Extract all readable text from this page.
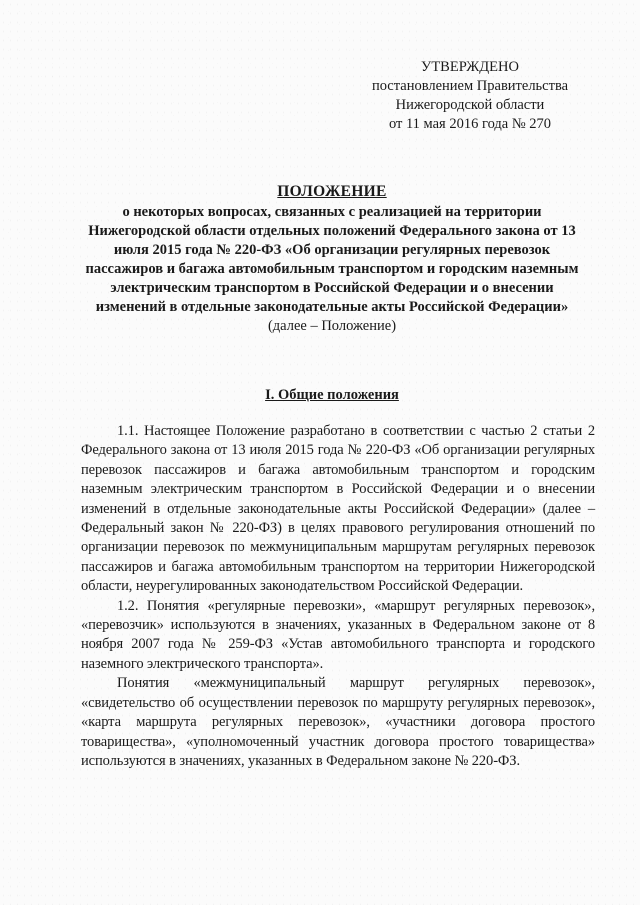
УТВЕРЖДЕНО
постановлением Правительства
Нижегородской области
от 11 мая 2016 года № 270
ПОЛОЖЕНИЕ
о некоторых вопросах, связанных с реализацией на территории Нижегородской области отдельных положений Федерального закона от 13 июля 2015 года № 220-ФЗ «Об организации регулярных перевозок пассажиров и багажа автомобильным транспортом и городским наземным электрическим транспортом в Российской Федерации и о внесении изменений в отдельные законодательные акты Российской Федерации»
(далее – Положение)
I. Общие положения

1.1. Настоящее Положение разработано в соответствии с частью 2 статьи 2 Федерального закона от 13 июля 2015 года № 220-ФЗ «Об организации регулярных перевозок пассажиров и багажа автомобильным транспортом и городским наземным электрическим транспортом в Российской Федерации и о внесении изменений в отдельные законодательные акты Российской Федерации» (далее – Федеральный закон № 220-ФЗ) в целях правового регулирования отношений по организации перевозок по межмуниципальным маршрутам регулярных перевозок пассажиров и багажа автомобильным транспортом на территории Нижегородской области, неурегулированных законодательством Российской Федерации.

1.2. Понятия «регулярные перевозки», «маршрут регулярных перевозок», «перевозчик» используются в значениях, указанных в Федеральном законе от 8 ноября 2007 года № 259-ФЗ «Устав автомобильного транспорта и городского наземного электрического транспорта».

Понятия «межмуниципальный маршрут регулярных перевозок», «свидетельство об осуществлении перевозок по маршруту регулярных перевозок», «карта маршрута регулярных перевозок», «участники договора простого товарищества», «уполномоченный участник договора простого товарищества» используются в значениях, указанных в Федеральном законе № 220-ФЗ.
